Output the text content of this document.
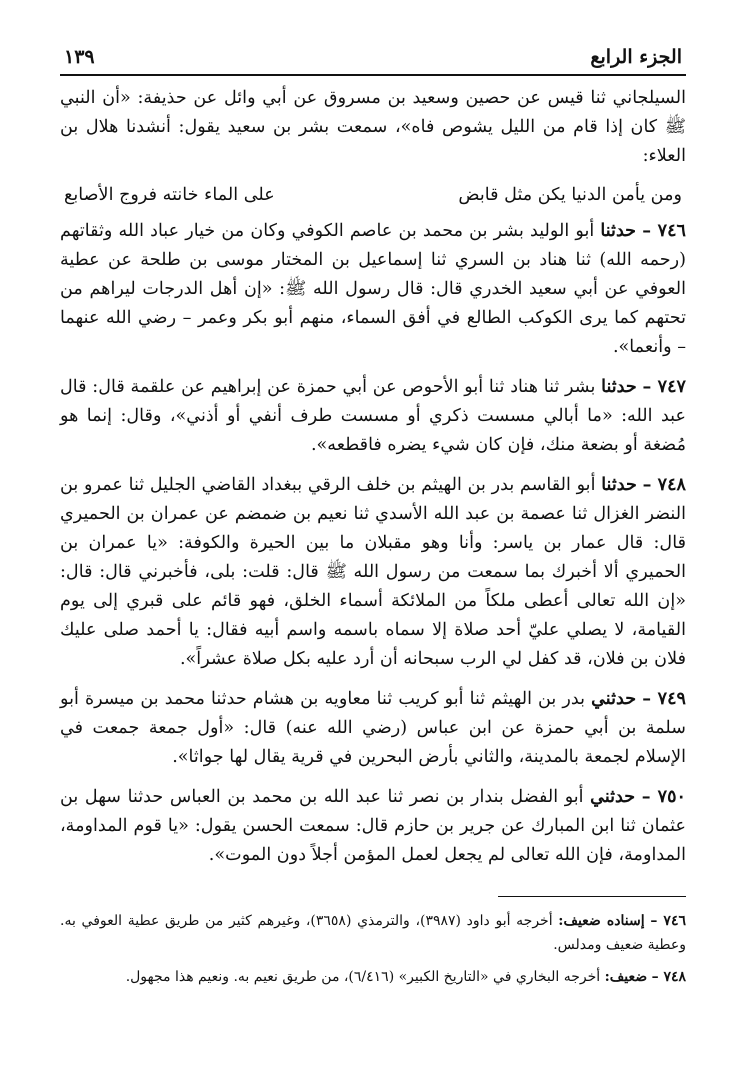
الجزء الرابع
١٣٩

السيلجاني ثنا قيس عن حصين وسعيد بن مسروق عن أبي وائل عن حذيفة: «أن النبي ﷺ كان إذا قام من الليل يشوص فاه»، سمعت بشر بن سعيد يقول: أنشدنا هلال بن العلاء:

ومن يأمن الدنيا يكن مثل قابض
على الماء خانته فروج الأصابع

٧٤٦ – حدثنا أبو الوليد بشر بن محمد بن عاصم الكوفي وكان من خيار عباد الله وثقاتهم (رحمه الله) ثنا هناد بن السري ثنا إسماعيل بن المختار موسى بن طلحة عن عطية العوفي عن أبي سعيد الخدري قال: قال رسول الله ﷺ: «إن أهل الدرجات ليراهم من تحتهم كما يرى الكوكب الطالع في أفق السماء، منهم أبو بكر وعمر – رضي الله عنهما – وأنعما».

٧٤٧ – حدثنا بشر ثنا هناد ثنا أبو الأحوص عن أبي حمزة عن إبراهيم عن علقمة قال: قال عبد الله: «ما أبالي مسست ذكري أو مسست طرف أنفي أو أذني»، وقال: إنما هو مُضغة أو بضعة منك، فإن كان شيء يضره فاقطعه».

٧٤٨ – حدثنا أبو القاسم بدر بن الهيثم بن خلف الرقي ببغداد القاضي الجليل ثنا عمرو بن النضر الغزال ثنا عصمة بن عبد الله الأسدي ثنا نعيم بن ضمضم عن عمران بن الحميري قال: قال عمار بن ياسر: وأنا وهو مقبلان ما بين الحيرة والكوفة: «يا عمران بن الحميري ألا أخبرك بما سمعت من رسول الله ﷺ قال: قلت: بلى، فأخبرني قال: قال: «إن الله تعالى أعطى ملكاً من الملائكة أسماء الخلق، فهو قائم على قبري إلى يوم القيامة، لا يصلي عليّ أحد صلاة إلا سماه باسمه واسم أبيه فقال: يا أحمد صلى عليك فلان بن فلان، قد كفل لي الرب سبحانه أن أرد عليه بكل صلاة عشراً».

٧٤٩ – حدثني بدر بن الهيثم ثنا أبو كريب ثنا معاويه بن هشام حدثنا محمد بن ميسرة أبو سلمة بن أبي حمزة عن ابن عباس (رضي الله عنه) قال: «أول جمعة جمعت في الإسلام لجمعة بالمدينة، والثاني بأرض البحرين في قرية يقال لها جواثا».

٧٥٠ – حدثني أبو الفضل بندار بن نصر ثنا عبد الله بن محمد بن العباس حدثنا سهل بن عثمان ثنا ابن المبارك عن جرير بن حازم قال: سمعت الحسن يقول: «يا قوم المداومة، المداومة، فإن الله تعالى لم يجعل لعمل المؤمن أجلاً دون الموت».

٧٤٦ – إسناده ضعيف: أخرجه أبو داود (٣٩٨٧)، والترمذي (٣٦٥٨)، وغيرهم كثير من طريق عطية العوفي به. وعطية ضعيف ومدلس.

٧٤٨ – ضعيف: أخرجه البخاري في «التاريخ الكبير» (٦/٤١٦)، من طريق نعيم به. ونعيم هذا مجهول.
